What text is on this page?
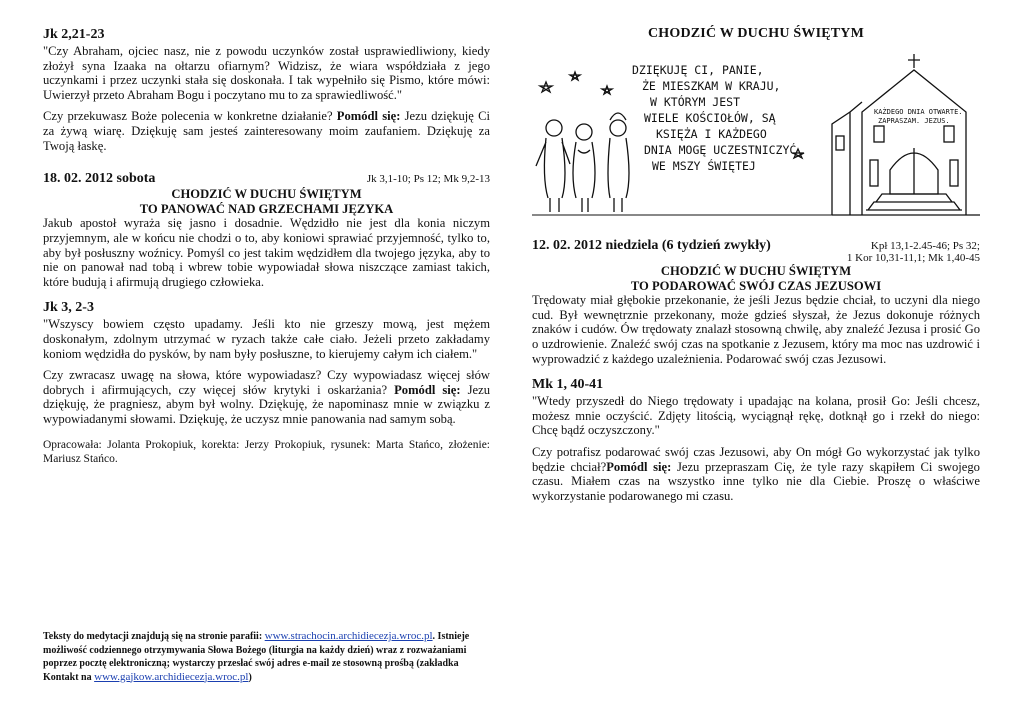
Jk 2,21-23

"Czy Abraham, ojciec nasz, nie z powodu uczynków został usprawiedliwiony, kiedy złożył syna Izaaka na ołtarzu ofiarnym? Widzisz, że wiara współdziała z jego uczynkami i przez uczynki stała się doskonała. I tak wypełniło się Pismo, które mówi: Uwierzył przeto Abraham Bogu i poczytano mu to za sprawiedliwość."

Czy przekuwasz Boże polecenia w konkretne działanie? Pomódl się: Jezu dziękuję Ci za żywą wiarę. Dziękuję sam jesteś zainteresowany moim zaufaniem. Dziękuję za Twoją łaskę.

18. 02. 2012 sobota	Jk 3,1-10; Ps 12; Mk 9,2-13
CHODZIĆ W DUCHU ŚWIĘTYM
TO PANOWAĆ NAD GRZECHAMI JĘZYKA

Jakub apostoł wyraża się jasno i dosadnie. Wędzidło nie jest dla konia niczym przyjemnym, ale w końcu nie chodzi o to, aby koniowi sprawiać przyjemność, tylko to, aby był posłuszny woźnicy. Pomyśl co jest takim wędzidłem dla twojego języka, aby to nie on panował nad tobą i wbrew tobie wypowiadał słowa niszczące zamiast takich, które budują i afirmują drugiego człowieka.

Jk 3, 2-3

"Wszyscy bowiem często upadamy. Jeśli kto nie grzeszy mową, jest mężem doskonałym, zdolnym utrzymać w ryzach także całe ciało. Jeżeli przeto zakładamy koniom wędzidła do pysków, by nam były posłuszne, to kierujemy całym ich ciałem."

Czy zwracasz uwagę na słowa, które wypowiadasz? Czy wypowiadasz więcej słów dobrych i afirmujących, czy więcej słów krytyki i oskarżania? Pomódl się: Jezu dziękuję, że pragniesz, abym był wolny. Dziękuję, że napominasz mnie w związku z wypowiadanymi słowami. Dziękuję, że uczysz mnie panowania nad samym sobą.

Opracowała: Jolanta Prokopiuk, korekta: Jerzy Prokopiuk, rysunek: Marta Stańco, złożenie: Mariusz Stańco.

Teksty do medytacji znajdują się na stronie parafii: www.strachocin.archidiecezja.wroc.pl. Istnieje możliwość codziennego otrzymywania Słowa Bożego (liturgia na każdy dzień) wraz z rozważaniami poprzez pocztę elektroniczną; wystarczy przesłać swój adres e-mail ze stosowną prośbą (zakładka Kontakt na www.gajkow.archidiecezja.wroc.pl)
CHODZIĆ W DUCHU ŚWIĘTYM
DZIĘKUJĘ CI, PANIE,
ŻE MIESZKAM W KRAJU,
W KTÓRYM JEST
WIELE KOŚCIOŁÓW, SĄ
KSIĘŻA I KAŻDEGO
DNIA MOGĘ UCZESTNICZYĆ
WE MSZY ŚWIĘTEJ
KAŻDEGO DNIA OTWARTE.
ZAPRASZAM. JEZUS.
12. 02. 2012 niedziela (6 tydzień zwykły)	Kpł 13,1-2.45-46; Ps 32;
1 Kor 10,31-11,1; Mk 1,40-45
CHODZIĆ W DUCHU ŚWIĘTYM
TO PODAROWAĆ SWÓJ CZAS JEZUSOWI

Trędowaty miał głębokie przekonanie, że jeśli Jezus będzie chciał, to uczyni dla niego cud. Był wewnętrznie przekonany, może gdzieś słyszał, że Jezus dokonuje różnych znaków i cudów. Ów trędowaty znalazł stosowną chwilę, aby znaleźć Jezusa i prosić Go o uzdrowienie. Znaleźć swój czas na spotkanie z Jezusem, który ma moc nas uzdrowić i wyprowadzić z każdego uzależnienia. Podarować swój czas Jezusowi.

Mk 1, 40-41

"Wtedy przyszedł do Niego trędowaty i upadając na kolana, prosił Go: Jeśli chcesz, możesz mnie oczyścić. Zdjęty litością, wyciągnął rękę, dotknął go i rzekł do niego: Chcę bądź oczyszczony."

Czy potrafisz podarować swój czas Jezusowi, aby On mógł Go wykorzystać jak tylko będzie chciał?Pomódl się: Jezu przepraszam Cię, że tyle razy skąpiłem Ci swojego czasu. Miałem czas na wszystko inne tylko nie dla Ciebie. Proszę o właściwe wykorzystanie podarowanego mi czasu.
